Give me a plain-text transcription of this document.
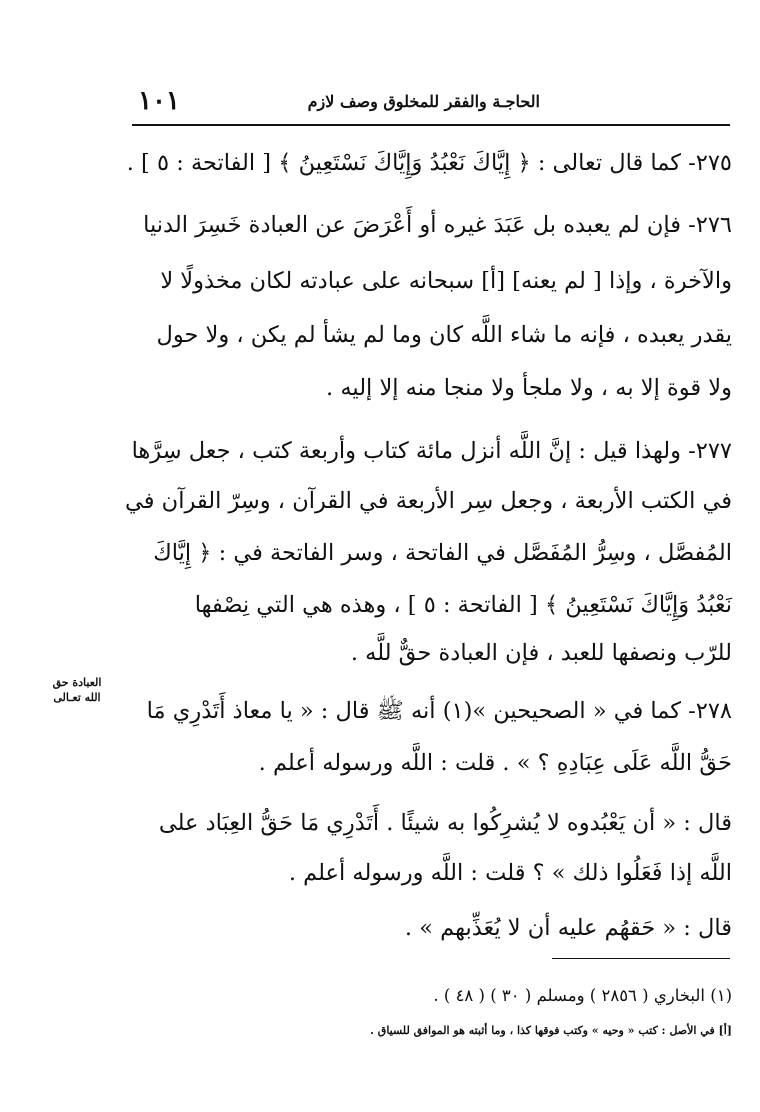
الحاجـة والفقر للمخلوق وصف لازم
١٠١
٢٧٥- كما قال تعالى : ﴿ إِيَّاكَ نَعْبُدُ وَإِيَّاكَ نَسْتَعِينُ ﴾ [ الفاتحة : ٥ ] .
٢٧٦- فإن لم يعبده بل عَبَدَ غيره أو أَعْرَضَ عن العبادة خَسِرَ الدنيا
والآخرة ، وإذا [ لم يعنه] [أ] سبحانه على عبادته لكان مخذولًا لا
يقدر يعبده ، فإنه ما شاء اللَّه كان وما لم يشأ لم يكن ، ولا حول
ولا قوة إلا به ، ولا ملجأ ولا منجا منه إلا إليه .
٢٧٧- ولهذا قيل : إنَّ اللَّه أنزل مائة كتاب وأربعة كتب ، جعل سِرَّها
في الكتب الأربعة ، وجعل سِر الأربعة في القرآن ، وسِرّ القرآن في
المُفصَّل ، وسِرُّ المُفَصَّل في الفاتحة ، وسر الفاتحة في : ﴿ إِيَّاكَ
نَعْبُدُ وَإِيَّاكَ نَسْتَعِينُ ﴾ [ الفاتحة : ٥ ] ، وهذه هي التي نِصْفها
للرّب ونصفها للعبد ، فإن العبادة حقٌّ للَّه .
٢٧٨- كما في « الصحيحين »(١) أنه ﷺ قال : « يا معاذ أَتَدْرِي مَا
حَقُّ اللَّه عَلَى عِبَادِهِ ؟ » . قلت : اللَّه ورسوله أعلم .
قال : « أن يَعْبُدوه لا يُشرِكُوا به شيئًا . أَتَدْرِي مَا حَقُّ العِبَاد على
اللَّه إذا فَعَلُوا ذلك » ؟ قلت : اللَّه ورسوله أعلم .
قال : « حَقهُم عليه أن لا يُعَذِّبهم » .
العبادة حق
الله تعـالى
(١) البخاري ( ٢٨٥٦ ) ومسلم ( ٣٠ ) ( ٤٨ ) .
[أ] في الأصل : كتب « وحيه » وكتب فوقها كذا ، وما أثبته هو الموافق للسياق .
